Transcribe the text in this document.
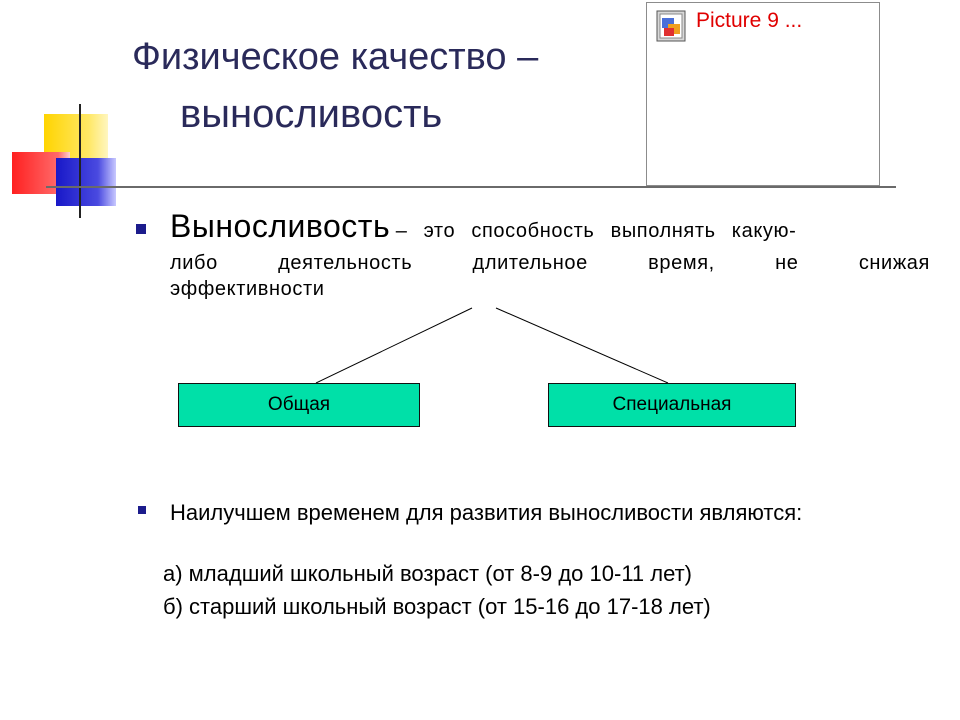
Физическое качество –
выносливость
Picture 9 ...
Выносливость – это способность выполнять какую-
либо	деятельность	длительное	время,	не	снижая
эффективности
Общая	Специальная
Наилучшем временем для развития выносливости являются:
а) младший школьный возраст (от 8-9 до 10-11 лет)
б) старший школьный возраст (от 15-16 до 17-18 лет)
